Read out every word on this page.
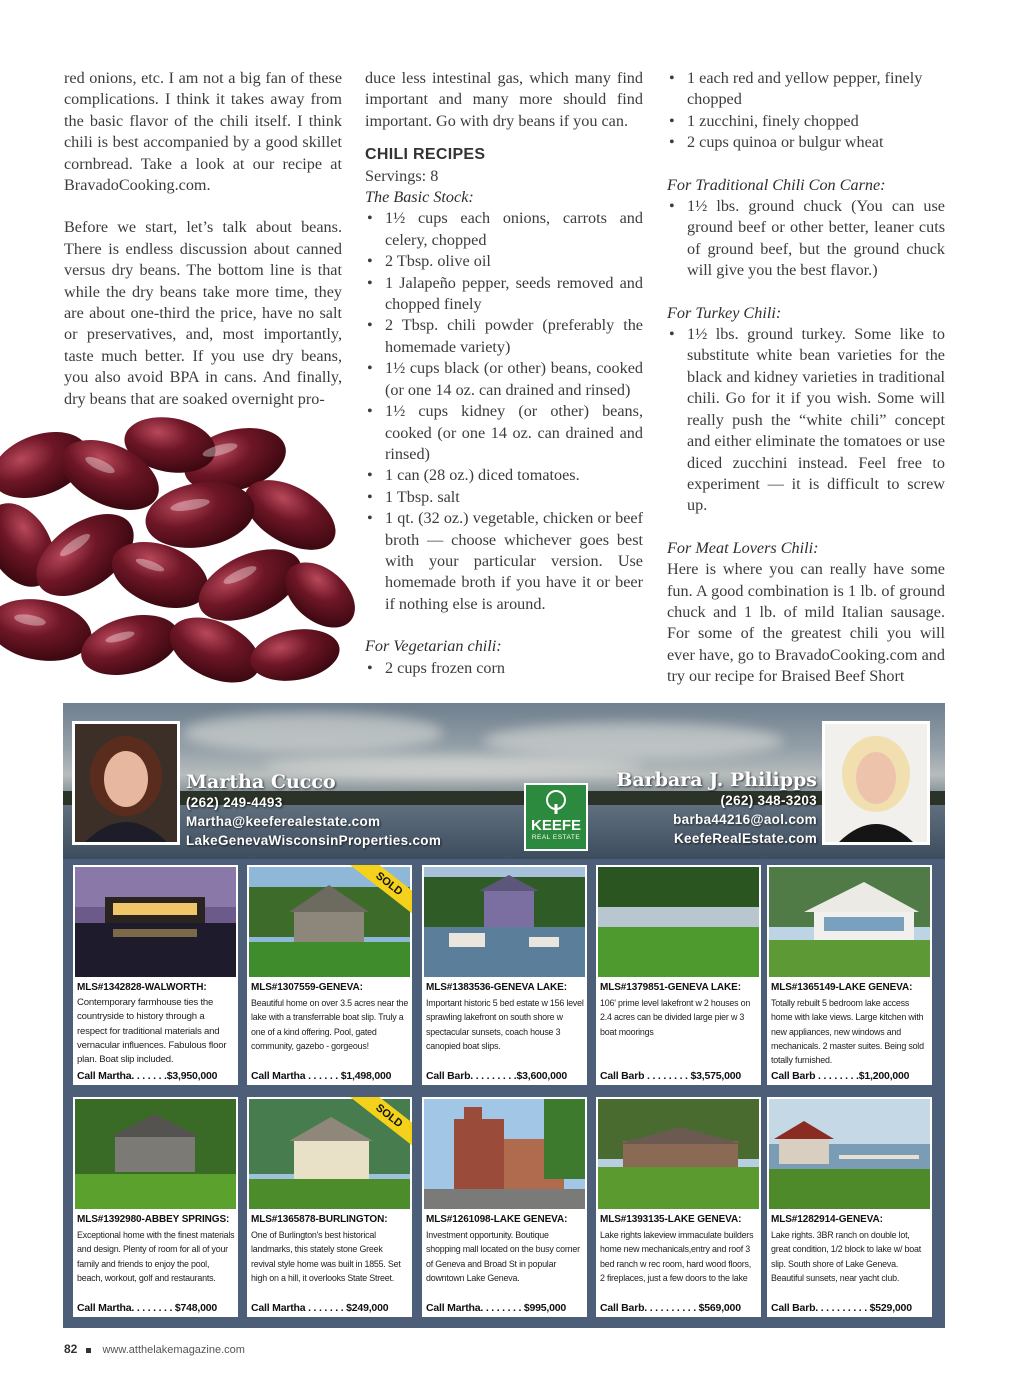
red onions, etc. I am not a big fan of these complications. I think it takes away from the basic flavor of the chili itself. I think chili is best accompanied by a good skillet cornbread. Take a look at our recipe at BravadoCooking.com.

Before we start, let’s talk about beans. There is endless discussion about canned versus dry beans. The bottom line is that while the dry beans take more time, they are about one-third the price, have no salt or preservatives, and, most importantly, taste much better. If you use dry beans, you also avoid BPA in cans. And finally, dry beans that are soaked overnight pro-

duce less intestinal gas, which many find important and many more should find important. Go with dry beans if you can.

CHILI RECIPES

Servings: 8

The Basic Stock:

• 1½ cups each onions, carrots and celery, chopped
• 2 Tbsp. olive oil
• 1 Jalapeño pepper, seeds removed and chopped finely
• 2 Tbsp. chili powder (preferably the homemade variety)
• 1½ cups black (or other) beans, cooked (or one 14 oz. can drained and rinsed)
• 1½ cups kidney (or other) beans, cooked (or one 14 oz. can drained and rinsed)
• 1 can (28 oz.) diced tomatoes.
• 1 Tbsp. salt
• 1 qt. (32 oz.) vegetable, chicken or beef broth — choose whichever goes best with your particular version. Use homemade broth if you have it or beer if nothing else is around.

For Vegetarian chili:

• 2 cups frozen corn
• 1 each red and yellow pepper, finely chopped
• 1 zucchini, finely chopped
• 2 cups quinoa or bulgur wheat

For Traditional Chili Con Carne:

• 1½ lbs. ground chuck (You can use ground beef or other better, leaner cuts of ground beef, but the ground chuck will give you the best flavor.)

For Turkey Chili:

• 1½ lbs. ground turkey. Some like to substitute white bean varieties for the black and kidney varieties in traditional chili. Go for it if you wish. Some will really push the “white chili” concept and either eliminate the tomatoes or use diced zucchini instead. Feel free to experiment — it is difficult to screw up.

For Meat Lovers Chili:

Here is where you can really have some fun. A good combination is 1 lb. of ground chuck and 1 lb. of mild Italian sausage. For some of the greatest chili you will ever have, go to BravadoCooking.com and try our recipe for Braised Beef Short

Martha Cucco
(262) 249-4493
Martha@keeferealestate.com
LakeGenevaWisconsinProperties.com
KEEFE
REAL ESTATE
Barbara J. Philipps
(262) 348-3203
barba44216@aol.com
KeefeRealEstate.com
MLS#1342828-WALWORTH:
Contemporary farmhouse ties the countryside to history through a respect for traditional materials and vernacular influences. Fabulous floor plan. Boat slip included.
Call Martha. . . . . . .$3,950,000
SOLD
MLS#1307559-GENEVA:
Beautiful home on over 3.5 acres near the lake with a transferrable boat slip. Truly a one of a kind offering. Pool, gated community, gazebo - gorgeous!
Call Martha . . . . . . $1,498,000
MLS#1383536-GENEVA LAKE:
Important historic 5 bed estate w 156 level sprawling lakefront on south shore w spectacular sunsets, coach house 3 canopied boat slips.
Call Barb. . . . . . . . .$3,600,000
MLS#1379851-GENEVA LAKE:
106' prime level lakefront w 2 houses on 2.4 acres can be divided large pier w 3 boat moorings
Call Barb . . . . . . . . $3,575,000
MLS#1365149-LAKE GENEVA:
Totally rebuilt 5 bedroom lake access home with lake views. Large kitchen with new appliances, new windows and mechanicals. 2 master suites. Being sold totally furnished.
Call Barb . . . . . . . .$1,200,000
MLS#1392980-ABBEY SPRINGS:
Exceptional home with the finest materials and design. Plenty of room for all of your family and friends to enjoy the pool, beach, workout, golf and restaurants.
Call Martha. . . . . . . . $748,000
SOLD
MLS#1365878-BURLINGTON:
One of Burlington's best historical landmarks, this stately stone Greek revival style home was built in 1855. Set high on a hill, it overlooks State Street.
Call Martha . . . . . . . $249,000
MLS#1261098-LAKE GENEVA:
Investment opportunity. Boutique shopping mall located on the busy corner of Geneva and Broad St in popular downtown Lake Geneva.
Call Martha. . . . . . . . $995,000
MLS#1393135-LAKE GENEVA:
Lake rights lakeview immaculate builders home new mechanicals,entry and roof 3 bed ranch w rec room, hard wood floors, 2 fireplaces, just a few doors to the lake
Call Barb. . . . . . . . . . $569,000
MLS#1282914-GENEVA:
Lake rights. 3BR ranch on double lot, great condition, 1/2 block to lake w/ boat slip. South shore of Lake Geneva. Beautiful sunsets, near yacht club.
Call Barb. . . . . . . . . . $529,000
82 www.atthelakemagazine.com
